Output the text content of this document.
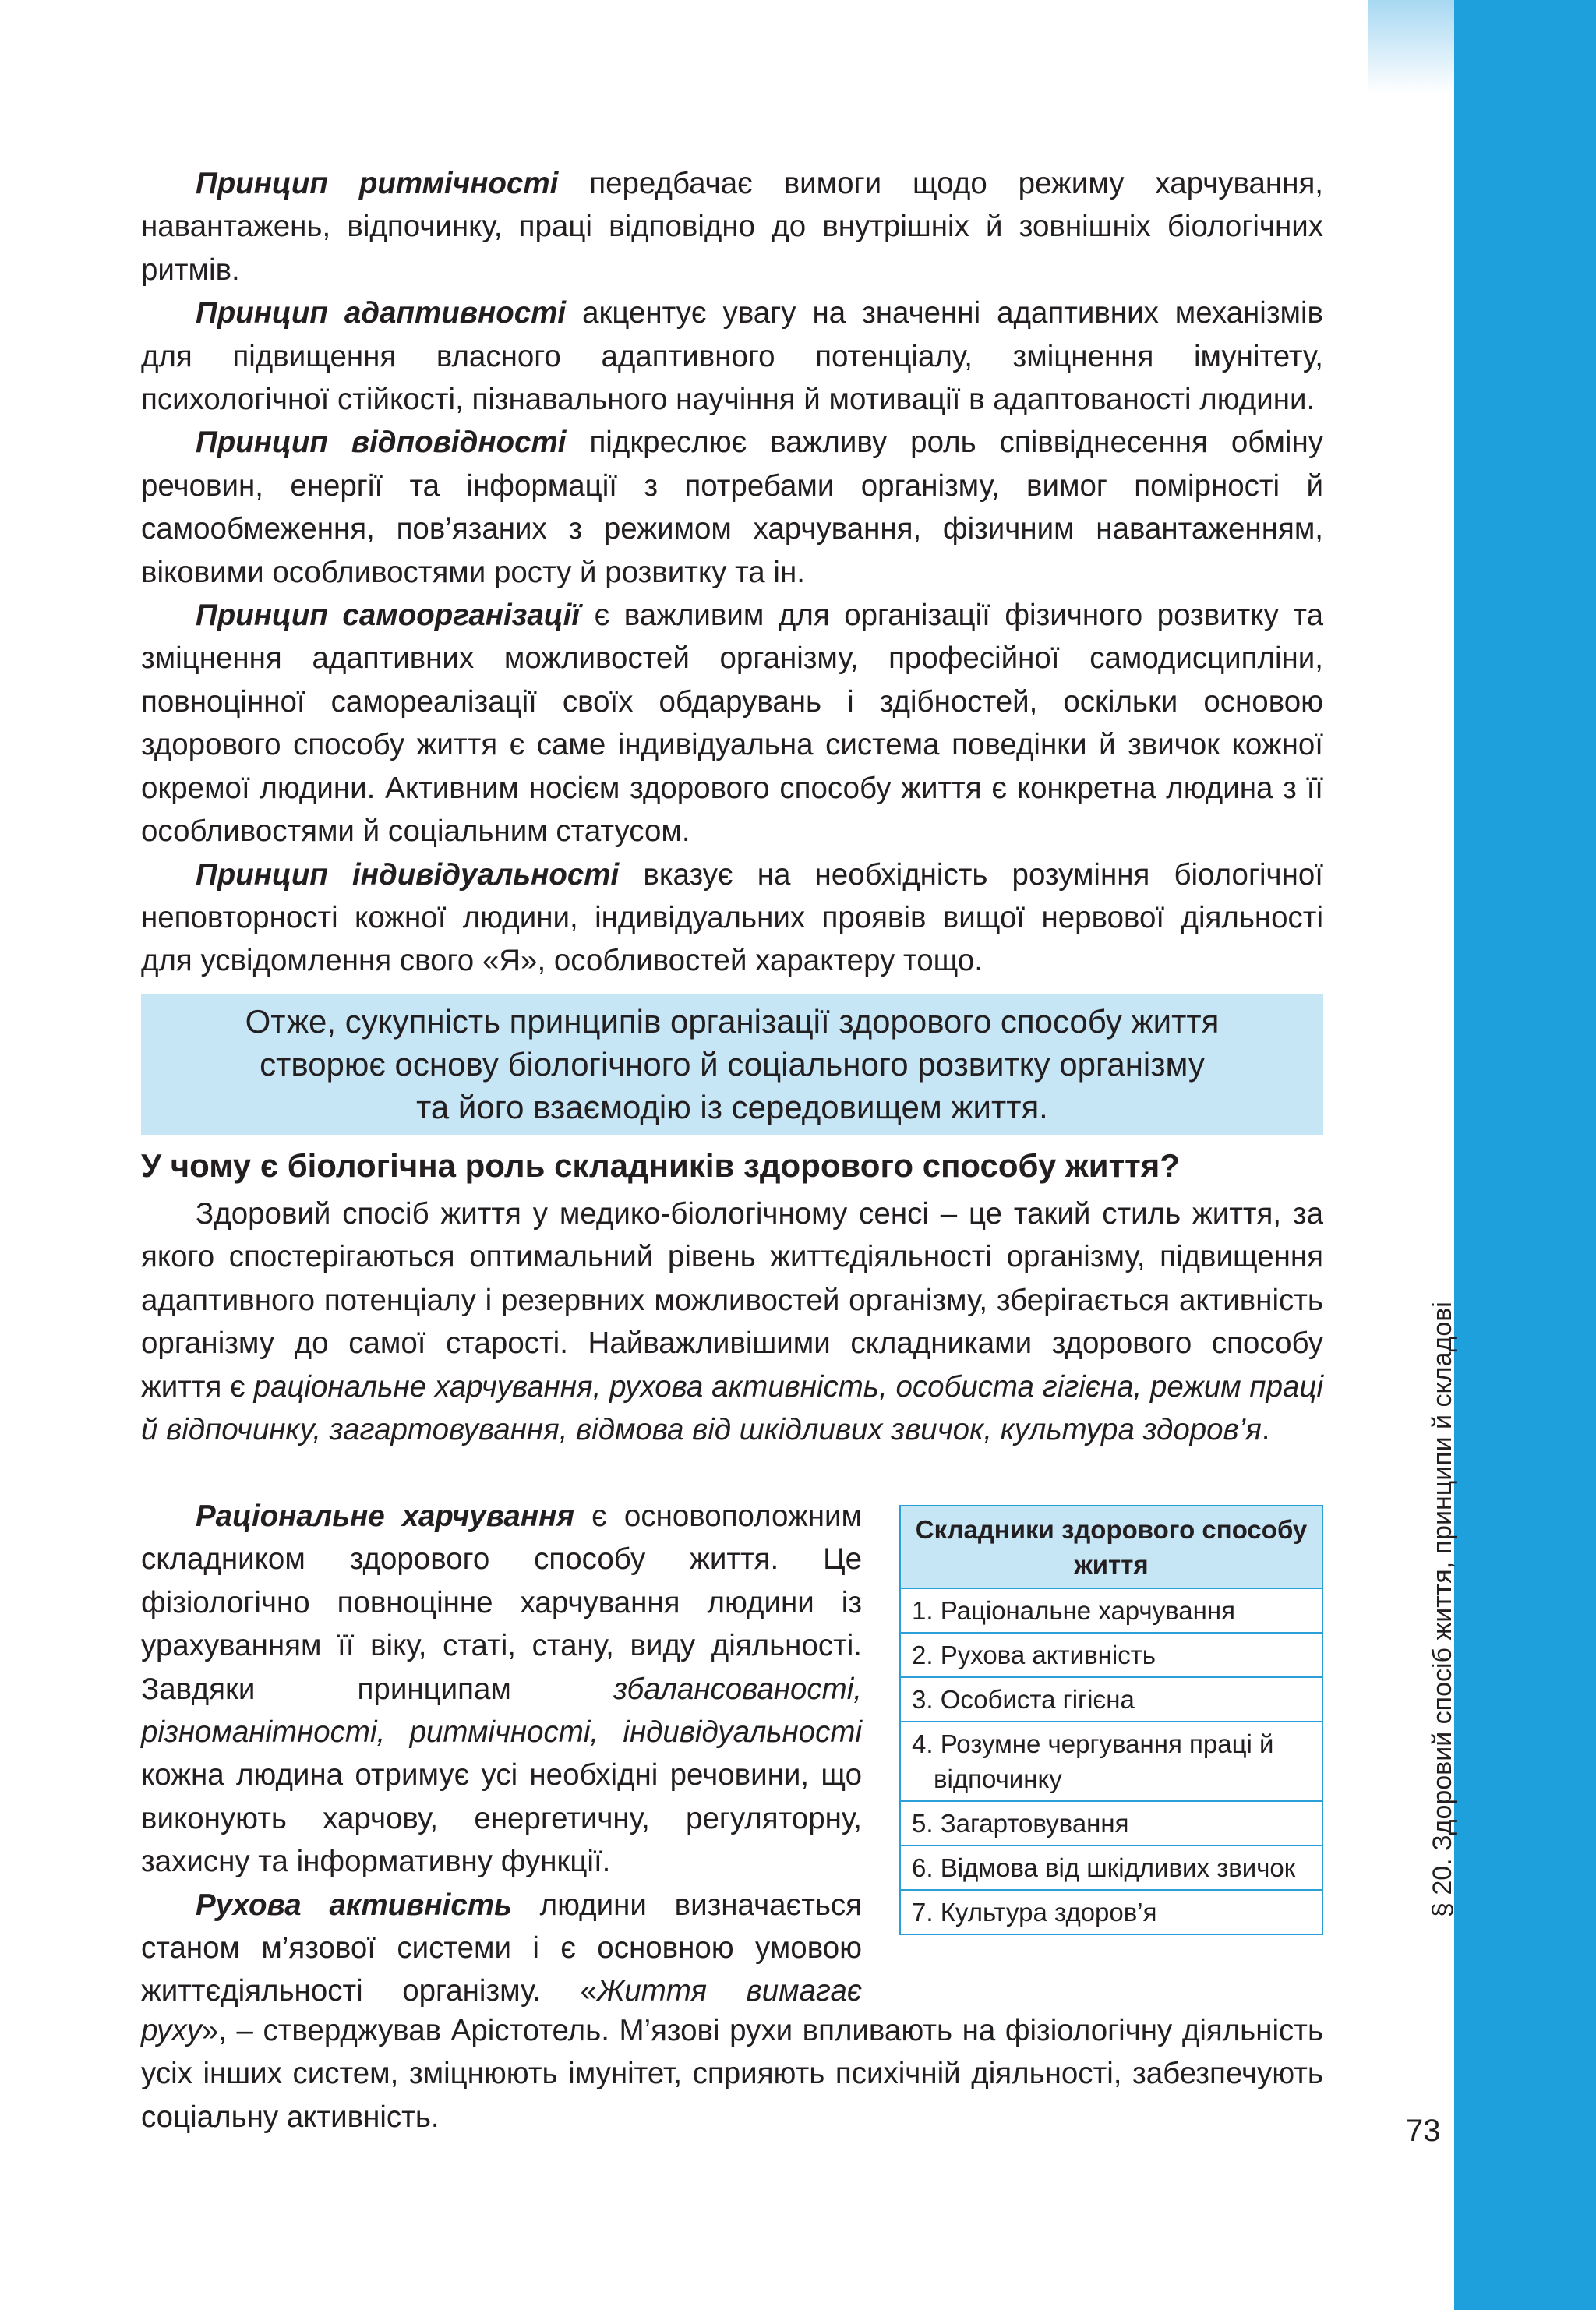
§ 20. Здоровий спосіб життя, принципи й складові
73

Принцип ритмічності передбачає вимоги щодо режиму харчування, навантажень, відпочинку, праці відповідно до внутрішніх й зовнішніх біологічних ритмів.

Принцип адаптивності акцентує увагу на значенні адаптивних механізмів для підвищення власного адаптивного потенціалу, зміцнення імунітету, психологічної стійкості, пізнавального научіння й мотивації в адаптованості людини.

Принцип відповідності підкреслює важливу роль співвіднесення обміну речовин, енергії та інформації з потребами організму, вимог помірності й самообмеження, пов’язаних з режимом харчування, фізичним навантаженням, віковими особливостями росту й розвитку та ін.

Принцип самоорганізації є важливим для організації фізичного розвитку та зміцнення адаптивних можливостей організму, професійної самодисципліни, повноцінної самореалізації своїх обдарувань і здібностей, оскільки основою здорового способу життя є саме індивідуальна система поведінки й звичок кожної окремої людини. Активним носієм здорового способу життя є конкретна людина з її особливостями й соціальним статусом.

Принцип індивідуальності вказує на необхідність розуміння біологічної неповторності кожної людини, індивідуальних проявів вищої нервової діяльності для усвідомлення свого «Я», особливостей характеру тощо.

Отже, сукупність принципів організації здорового способу життя
створює основу біологічного й соціального розвитку організму
та його взаємодію із середовищем життя.
У чому є біологічна роль складників здорового способу життя?

Здоровий спосіб життя у медико-біологічному сенсі – це такий стиль життя, за якого спостерігаються оптимальний рівень життєдіяльності організму, підвищення адаптивного потенціалу і резервних можливостей організму, зберігається активність організму до самої старості. Найважливішими складниками здорового способу життя є раціональне харчування, рухова активність, особиста гігієна, режим праці й відпочинку, загартовування, відмова від шкідливих звичок, культура здоров’я.

Раціональне харчування є основоположним складником здорового способу життя. Це фізіологічно повноцінне харчування людини із урахуванням її віку, статі, стану, виду діяльності. Завдяки принципам збалансованості, різноманітності, ритмічності, індивідуальності кожна людина отримує усі необхідні речовини, що виконують харчову, енергетичну, регуляторну, захисну та інформативну функції.

Рухова активність людини визначається станом м’язової системи і є основною умовою життєдіяльності організму. «Життя вимагає

руху», – стверджував Арістотель. М’язові рухи впливають на фізіологічну діяльність усіх інших систем, зміцнюють імунітет, сприяють психічній діяльності, забезпечують соціальну активність.

Складники здорового способу життя

1. Раціональне харчування

2. Рухова активність

3. Особиста гігієна

4. Розумне чергування праці й відпочинку

5. Загартовування

6. Відмова від шкідливих звичок

7. Культура здоров’я
